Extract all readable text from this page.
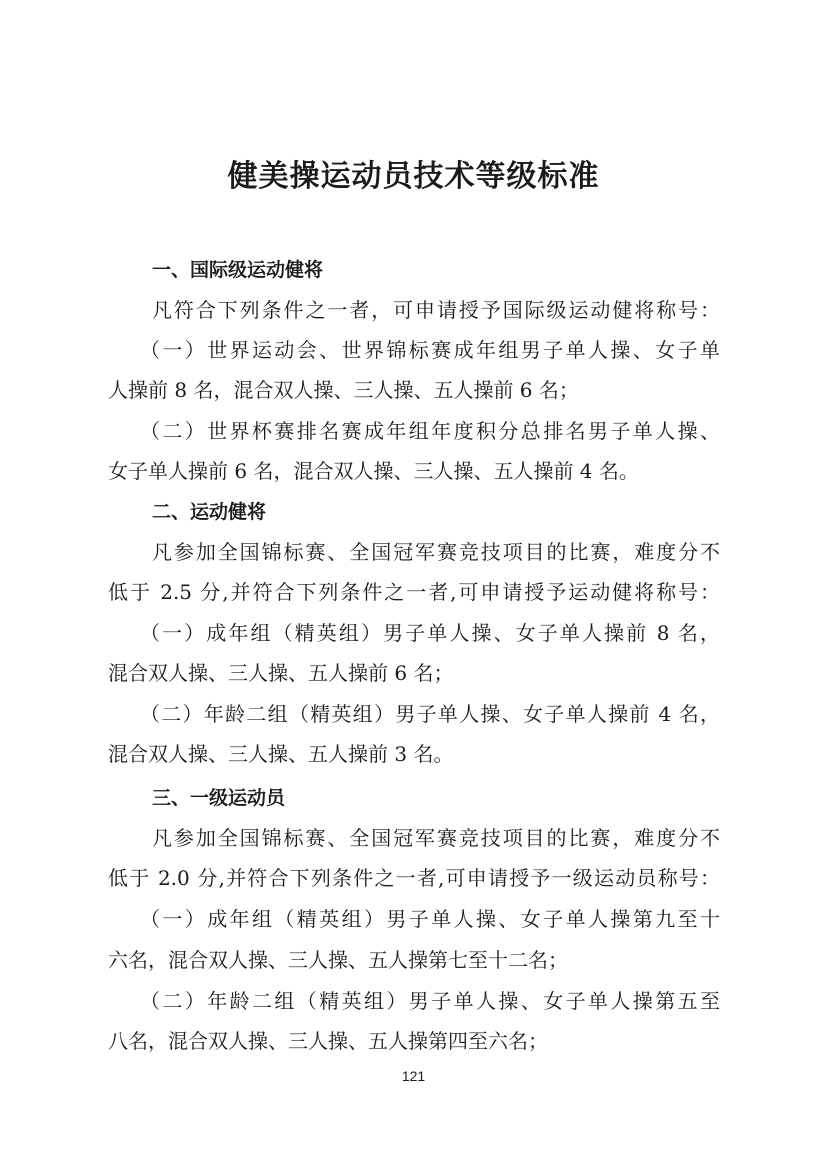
健美操运动员技术等级标准
一、国际级运动健将
凡符合下列条件之一者，可申请授予国际级运动健将称号：
（一）世界运动会、世界锦标赛成年组男子单人操、女子单
人操前 8 名，混合双人操、三人操、五人操前 6 名；
（二）世界杯赛排名赛成年组年度积分总排名男子单人操、
女子单人操前 6 名，混合双人操、三人操、五人操前 4 名。
二、运动健将
凡参加全国锦标赛、全国冠军赛竞技项目的比赛，难度分不
低于 2.5 分,并符合下列条件之一者,可申请授予运动健将称号：
（一）成年组（精英组）男子单人操、女子单人操前 8 名，
混合双人操、三人操、五人操前 6 名；
（二）年龄二组（精英组）男子单人操、女子单人操前 4 名，
混合双人操、三人操、五人操前 3 名。
三、一级运动员
凡参加全国锦标赛、全国冠军赛竞技项目的比赛，难度分不
低于 2.0 分,并符合下列条件之一者,可申请授予一级运动员称号：
（一）成年组（精英组）男子单人操、女子单人操第九至十
六名，混合双人操、三人操、五人操第七至十二名；
（二）年龄二组（精英组）男子单人操、女子单人操第五至
八名，混合双人操、三人操、五人操第四至六名；
121
